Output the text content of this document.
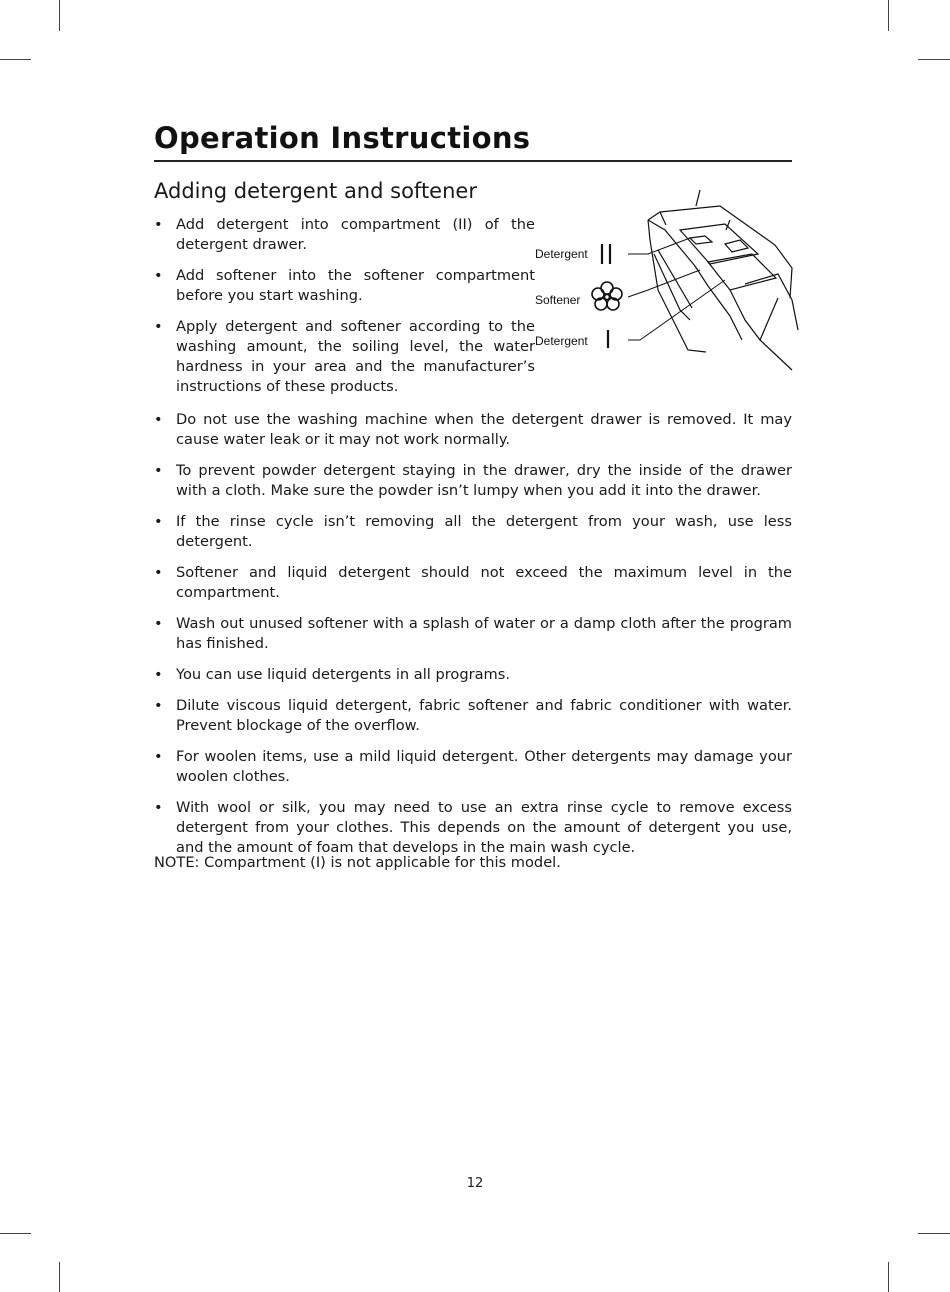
Operation Instructions
Adding detergent and softener
• Add detergent into compartment (II) of the detergent drawer.
• Add softener into the softener compartment before you start washing.
• Apply detergent and softener according to the washing amount, the soiling level, the water hardness in your area and the manufacturer’s instructions of these products.
Detergent
Softener
Detergent
• Do not use the washing machine when the detergent drawer is removed. It may cause water leak or it may not work normally.
• To prevent powder detergent staying in the drawer, dry the inside of the drawer with a cloth. Make sure the powder isn’t lumpy when you add it into the drawer.
• If the rinse cycle isn’t removing all the detergent from your wash, use less detergent.
• Softener and liquid detergent should not exceed the maximum level in the compartment.
• Wash out unused softener with a splash of water or a damp cloth after the program has finished.
• You can use liquid detergents in all programs.
• Dilute viscous liquid detergent, fabric softener and fabric conditioner with water. Prevent blockage of the overflow.
• For woolen items, use a mild liquid detergent. Other detergents may damage your woolen clothes.
• With wool or silk, you may need to use an extra rinse cycle to remove excess detergent from your clothes. This depends on the amount of detergent you use, and the amount of foam that develops in the main wash cycle.

NOTE: Compartment (I) is not applicable for this model.

12
